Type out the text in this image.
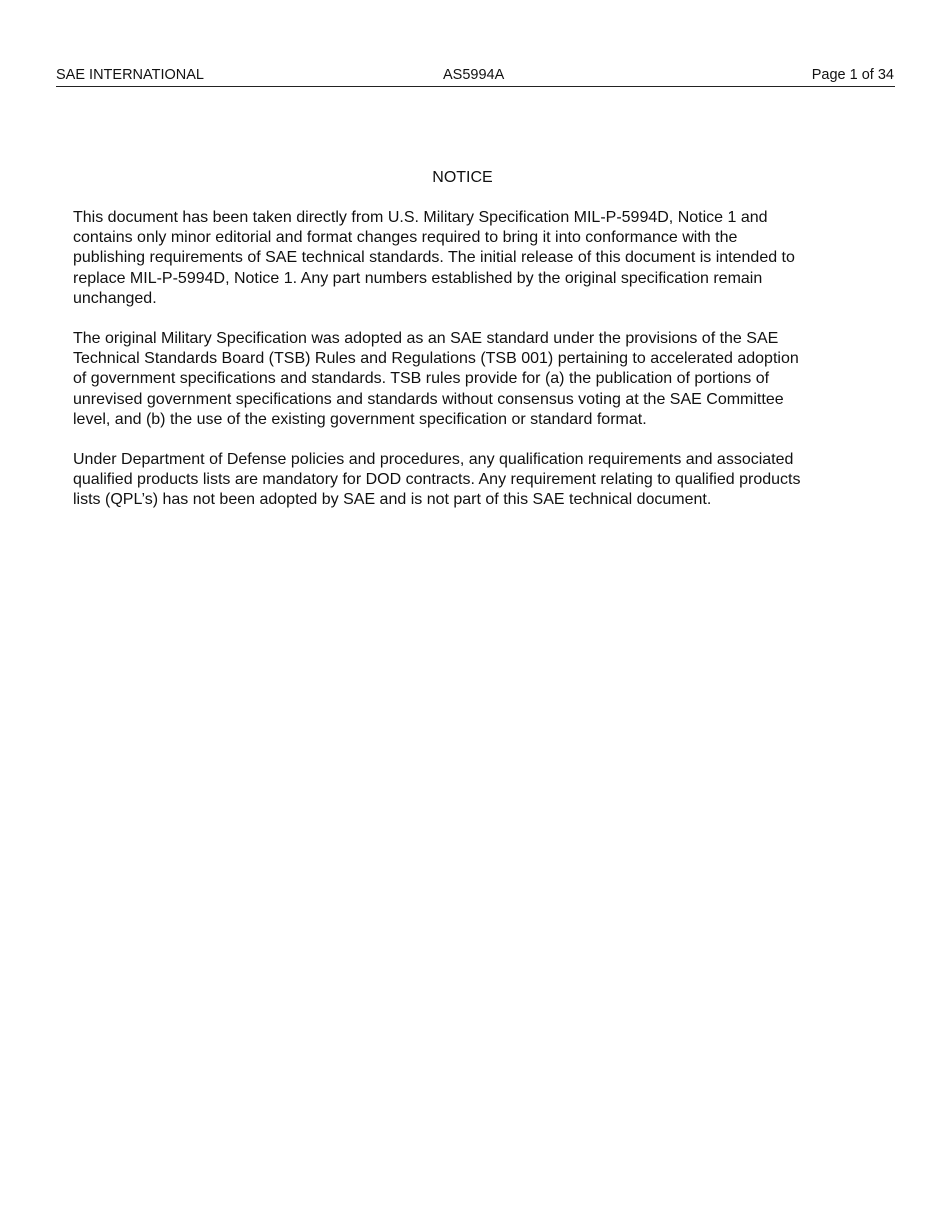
SAE INTERNATIONAL	AS5994A	Page 1 of 34
NOTICE

This document has been taken directly from U.S. Military Specification MIL-P-5994D, Notice 1 and
contains only minor editorial and format changes required to bring it into conformance with the
publishing requirements of SAE technical standards. The initial release of this document is intended to
replace MIL-P-5994D, Notice 1. Any part numbers established by the original specification remain
unchanged.

The original Military Specification was adopted as an SAE standard under the provisions of the SAE
Technical Standards Board (TSB) Rules and Regulations (TSB 001) pertaining to accelerated adoption
of government specifications and standards. TSB rules provide for (a) the publication of portions of
unrevised government specifications and standards without consensus voting at the SAE Committee
level, and (b) the use of the existing government specification or standard format.

Under Department of Defense policies and procedures, any qualification requirements and associated
qualified products lists are mandatory for DOD contracts. Any requirement relating to qualified products
lists (QPL’s) has not been adopted by SAE and is not part of this SAE technical document.
